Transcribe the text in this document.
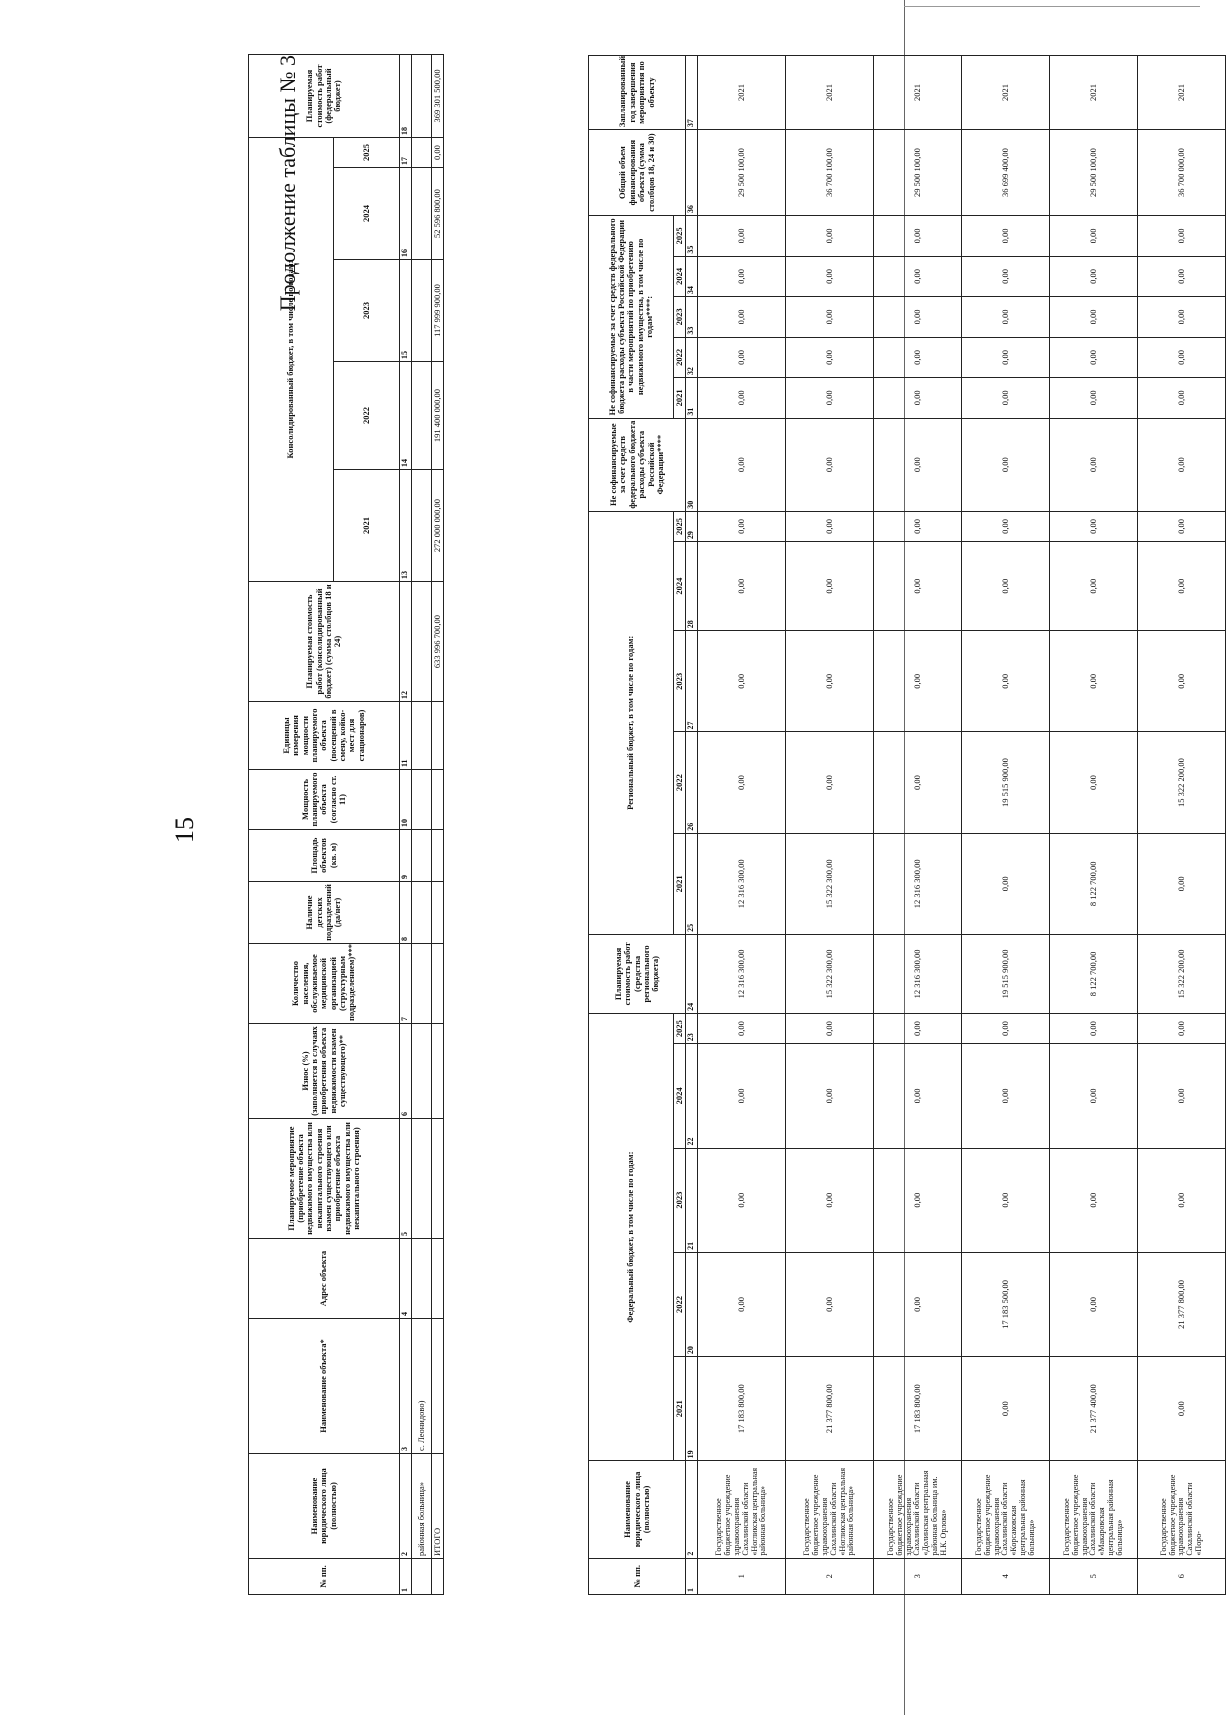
15
№ пп.	Наименование юридического лица (полностью)	Наименование объекта*	Адрес объекта	Планируемое мероприятие (приобретение объекта недвижимого имущества или некапитального строения взамен существующего или приобретение объекта недвижимого имущества или некапитального строения)	Износ (%) (заполняется в случаях приобретения объекта недвижимости взамен существующего)**	Количество населения, обслуживаемое медицинской организацией (структурным подразделением)***	Наличие детских подразделений (да/нет)	Площадь объектов (кв. м)	Мощность планируемого объекта (согласно ст. 11)	Единицы измерения мощности планируемого объекта (посещений в смену, койко-мест для стационаров)	Планируемая стоимость работ (консолидированный бюджет) (сумма столбцов 18 и 24)	Консолидированный бюджет, в том числе по годам:					Планируемая стоимость работ (федеральный бюджет)
												2021	2022	2023	2024	2025	
1	2	3	4	5	6	7	8	9	10	11	12	13	14	15	16	17	18
	районная больница»	с. Леонидово)															
	ИТОГО										633 996 700,00	272 000 000,00	191 400 000,00	117 999 900,00	52 596 800,00	0,00	369 301 500,00
Продолжение таблицы № 3
№ пп.	Наименование юридического лица (полностью)	Федеральный бюджет, в том числе по годам:					Планируемая стоимость работ (средства регионального бюджета)	Региональный бюджет, в том числе по годам:					Не софинансируемые за счет средств федерального бюджета расходы субъекта Российской Федерации****	Не софинансируемые за счет средств федерального бюджета расходы субъекта Российской Федерации в части мероприятий по приобретению недвижимого имущества, в том числе по годам****:					Общий объем финансирования объекта (сумма столбцов 18, 24 и 30)	Запланированный год завершения мероприятия по объекту
		2021	2022	2023	2024	2025		2021	2022	2023	2024	2025		2021	2022	2023	2024	2025		
1	2	19	20	21	22	23	24	25	26	27	28	29	30	31	32	33	34	35	36	37
1	Государственное бюджетное учреждение здравоохранения Сахалинской области «Ногликская центральная районная больница»	17 183 800,00	0,00	0,00	0,00	0,00	12 316 300,00	12 316 300,00	0,00	0,00	0,00	0,00	0,00	0,00	0,00	0,00	0,00	0,00	29 500 100,00	2021
2	Государственное бюджетное учреждение здравоохранения Сахалинской области «Ногликская центральная районная больница»	21 377 800,00	0,00	0,00	0,00	0,00	15 322 300,00	15 322 300,00	0,00	0,00	0,00	0,00	0,00	0,00	0,00	0,00	0,00	0,00	36 700 100,00	2021
3	Государственное бюджетное учреждение здравоохранения Сахалинской области «Долинская центральная районная больница им. Н.К. Орлова»	17 183 800,00	0,00	0,00	0,00	0,00	12 316 300,00	12 316 300,00	0,00	0,00	0,00	0,00	0,00	0,00	0,00	0,00	0,00	0,00	29 500 100,00	2021
4	Государственное бюджетное учреждение здравоохранения Сахалинской области «Корсаковская центральная районная больница»	0,00	17 183 500,00	0,00	0,00	0,00	19 515 900,00	0,00	19 515 900,00	0,00	0,00	0,00	0,00	0,00	0,00	0,00	0,00	0,00	36 699 400,00	2021
5	Государственное бюджетное учреждение здравоохранения Сахалинской области «Макаровская центральная районная больница»	21 377 400,00	0,00	0,00	0,00	0,00	8 122 700,00	8 122 700,00	0,00	0,00	0,00	0,00	0,00	0,00	0,00	0,00	0,00	0,00	29 500 100,00	2021
6	Государственное бюджетное учреждение здравоохранения Сахалинской области «Поро-	0,00	21 377 800,00	0,00	0,00	0,00	15 322 200,00	0,00	15 322 200,00	0,00	0,00	0,00	0,00	0,00	0,00	0,00	0,00	0,00	36 700 000,00	2021
